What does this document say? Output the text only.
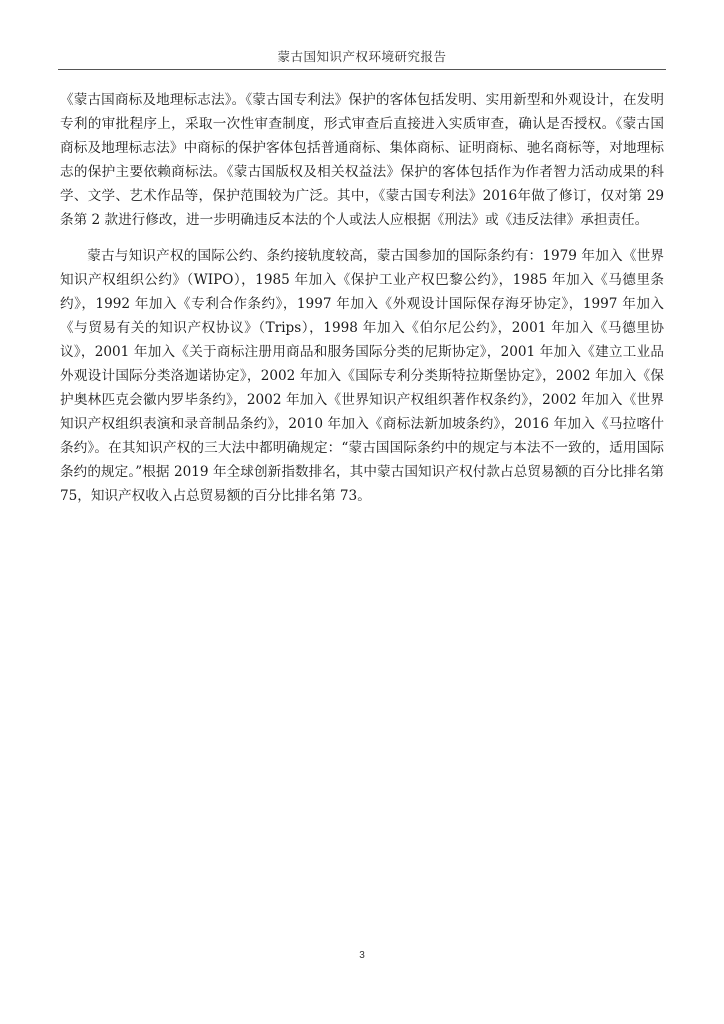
蒙古国知识产权环境研究报告

《蒙古国商标及地理标志法》。《蒙古国专利法》保护的客体包括发明、实用新型和外观设计，在发明专利的审批程序上，采取一次性审查制度，形式审查后直接进入实质审查，确认是否授权。《蒙古国商标及地理标志法》中商标的保护客体包括普通商标、集体商标、证明商标、驰名商标等，对地理标志的保护主要依赖商标法。《蒙古国版权及相关权益法》保护的客体包括作为作者智力活动成果的科学、文学、艺术作品等，保护范围较为广泛。其中，《蒙古国专利法》2016年做了修订，仅对第 29 条第 2 款进行修改，进一步明确违反本法的个人或法人应根据《刑法》或《违反法律》承担责任。

蒙古与知识产权的国际公约、条约接轨度较高，蒙古国参加的国际条约有：1979 年加入《世界知识产权组织公约》（WIPO），1985 年加入《保护工业产权巴黎公约》，1985 年加入《马德里条约》，1992 年加入《专利合作条约》，1997 年加入《外观设计国际保存海牙协定》，1997 年加入《与贸易有关的知识产权协议》（Trips），1998 年加入《伯尔尼公约》，2001 年加入《马德里协议》，2001 年加入《关于商标注册用商品和服务国际分类的尼斯协定》，2001 年加入《建立工业品外观设计国际分类洛迦诺协定》，2002 年加入《国际专利分类斯特拉斯堡协定》，2002 年加入《保护奥林匹克会徽内罗毕条约》，2002 年加入《世界知识产权组织著作权条约》，2002 年加入《世界知识产权组织表演和录音制品条约》，2010 年加入《商标法新加坡条约》，2016 年加入《马拉喀什条约》。在其知识产权的三大法中都明确规定：“蒙古国国际条约中的规定与本法不一致的，适用国际条约的规定。”根据 2019 年全球创新指数排名，其中蒙古国知识产权付款占总贸易额的百分比排名第 75，知识产权收入占总贸易额的百分比排名第 73。

3
